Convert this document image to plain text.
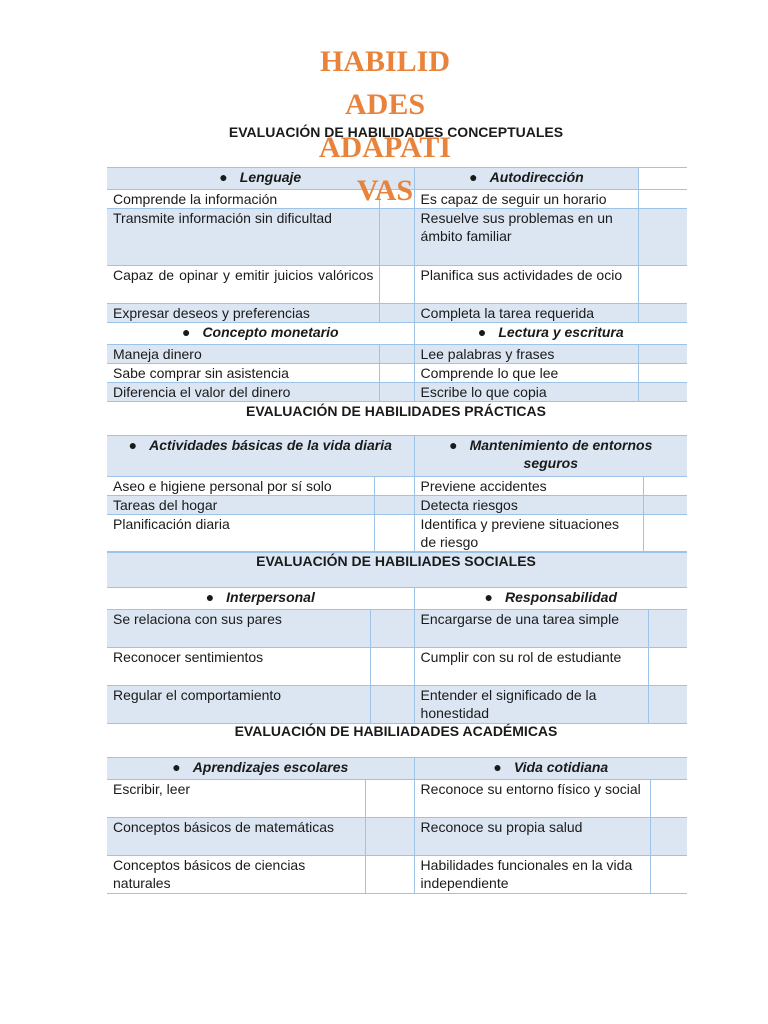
HABILID
ADES
ADAPATI
VAS
EVALUACIÓN DE HABILIDADES CONCEPTUALES
● Lenguaje		● Autodirección	
Comprende la información		Es capaz de seguir un horario	
Transmite información sin dificultad		Resuelve sus problemas en un ámbito familiar	
Capaz de opinar y emitir juicios valóricos		Planifica sus actividades de ocio	
Expresar deseos y preferencias		Completa la tarea requerida	
● Concepto monetario		● Lectura y escritura	
Maneja dinero		Lee palabras y frases	
Sabe comprar sin asistencia		Comprende lo que lee	
Diferencia el valor del dinero		Escribe lo que copia	
EVALUACIÓN DE HABILIDADES PRÁCTICAS
● Actividades básicas de la vida diaria		● Mantenimiento de entornos seguros	
Aseo e higiene personal por sí solo		Previene accidentes	
Tareas del hogar		Detecta riesgos	
Planificación diaria		Identifica y previene situaciones de riesgo	
EVALUACIÓN DE HABILIADES SOCIALES
● Interpersonal		● Responsabilidad	
Se relaciona con sus pares		Encargarse de una tarea simple	
Reconocer sentimientos		Cumplir con su rol de estudiante	
Regular el comportamiento		Entender el significado de la honestidad	
EVALUACIÓN DE HABILIADADES ACADÉMICAS
● Aprendizajes escolares		● Vida cotidiana	
Escribir, leer		Reconoce su entorno físico y social	
Conceptos básicos de matemáticas		Reconoce su propia salud	
Conceptos básicos de ciencias naturales		Habilidades funcionales en la vida independiente	
